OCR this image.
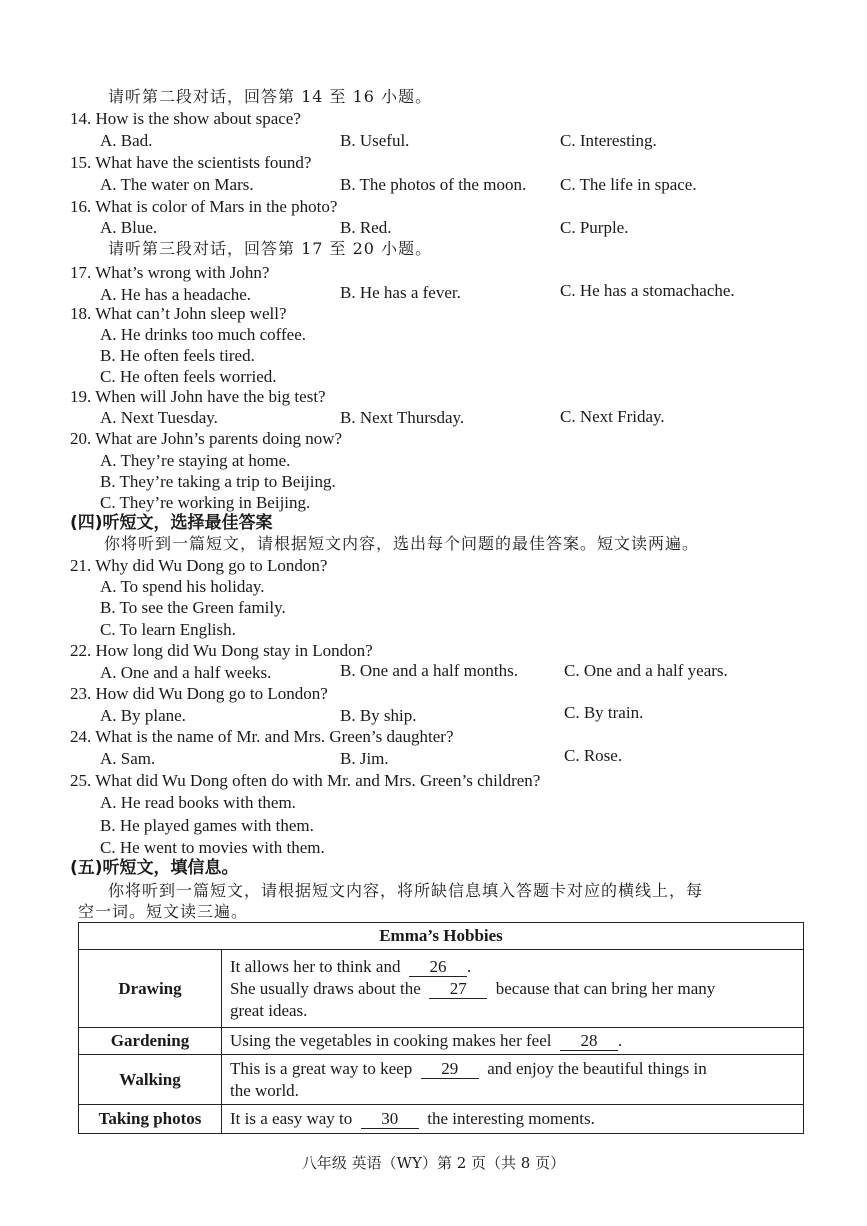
请听第二段对话，回答第 14 至 16 小题。
14. How is the show about space?
A. Bad.	B. Useful.	C. Interesting.
15. What have the scientists found?
A. The water on Mars.	B. The photos of the moon. C. The life in space.
16. What is color of Mars in the photo?
A. Blue.	B. Red.	C. Purple.
请听第三段对话，回答第 17 至 20 小题。
17. What’s wrong with John?
A. He has a headache.	B. He has a fever.	C. He has a stomachache.
18. What can’t John sleep well?
A. He drinks too much coffee.
B. He often feels tired.
C. He often feels worried.
19. When will John have the big test?
A. Next Tuesday.	B. Next Thursday.	C. Next Friday.
20. What are John’s parents doing now?
A. They’re staying at home.
B. They’re taking a trip to Beijing.
C. They’re working in Beijing.
(四)听短文，选择最佳答案
你将听到一篇短文，请根据短文内容，选出每个问题的最佳答案。短文读两遍。
21. Why did Wu Dong go to London?
A. To spend his holiday.
B. To see the Green family.
C. To learn English.
22. How long did Wu Dong stay in London?
A. One and a half weeks.	B. One and a half months.	C. One and a half years.
23. How did Wu Dong go to London?
A. By plane.	B. By ship.	C. By train.
24. What is the name of Mr. and Mrs. Green’s daughter?
A. Sam.	B. Jim.	C. Rose.
25. What did Wu Dong often do with Mr. and Mrs. Green’s children?
A. He read books with them.
B. He played games with them.
C. He went to movies with them.
(五)听短文，填信息。
你将听到一篇短文，请根据短文内容，将所缺信息填入答题卡对应的横线上，每
空一词。短文读三遍。
Emma’s Hobbies	
Drawing	It allows her to think and 26 .
She usually draws about the 27 because that can bring her many
great ideas.

Gardening	Using the vegetables in cooking makes her feel 28 .
Walking	This is a great way to keep 29 and enjoy the beautiful things in
the world.

Taking photos	It is a easy way to 30 the interesting moments.
八年级 英语（WY）第 2 页（共 8 页）
